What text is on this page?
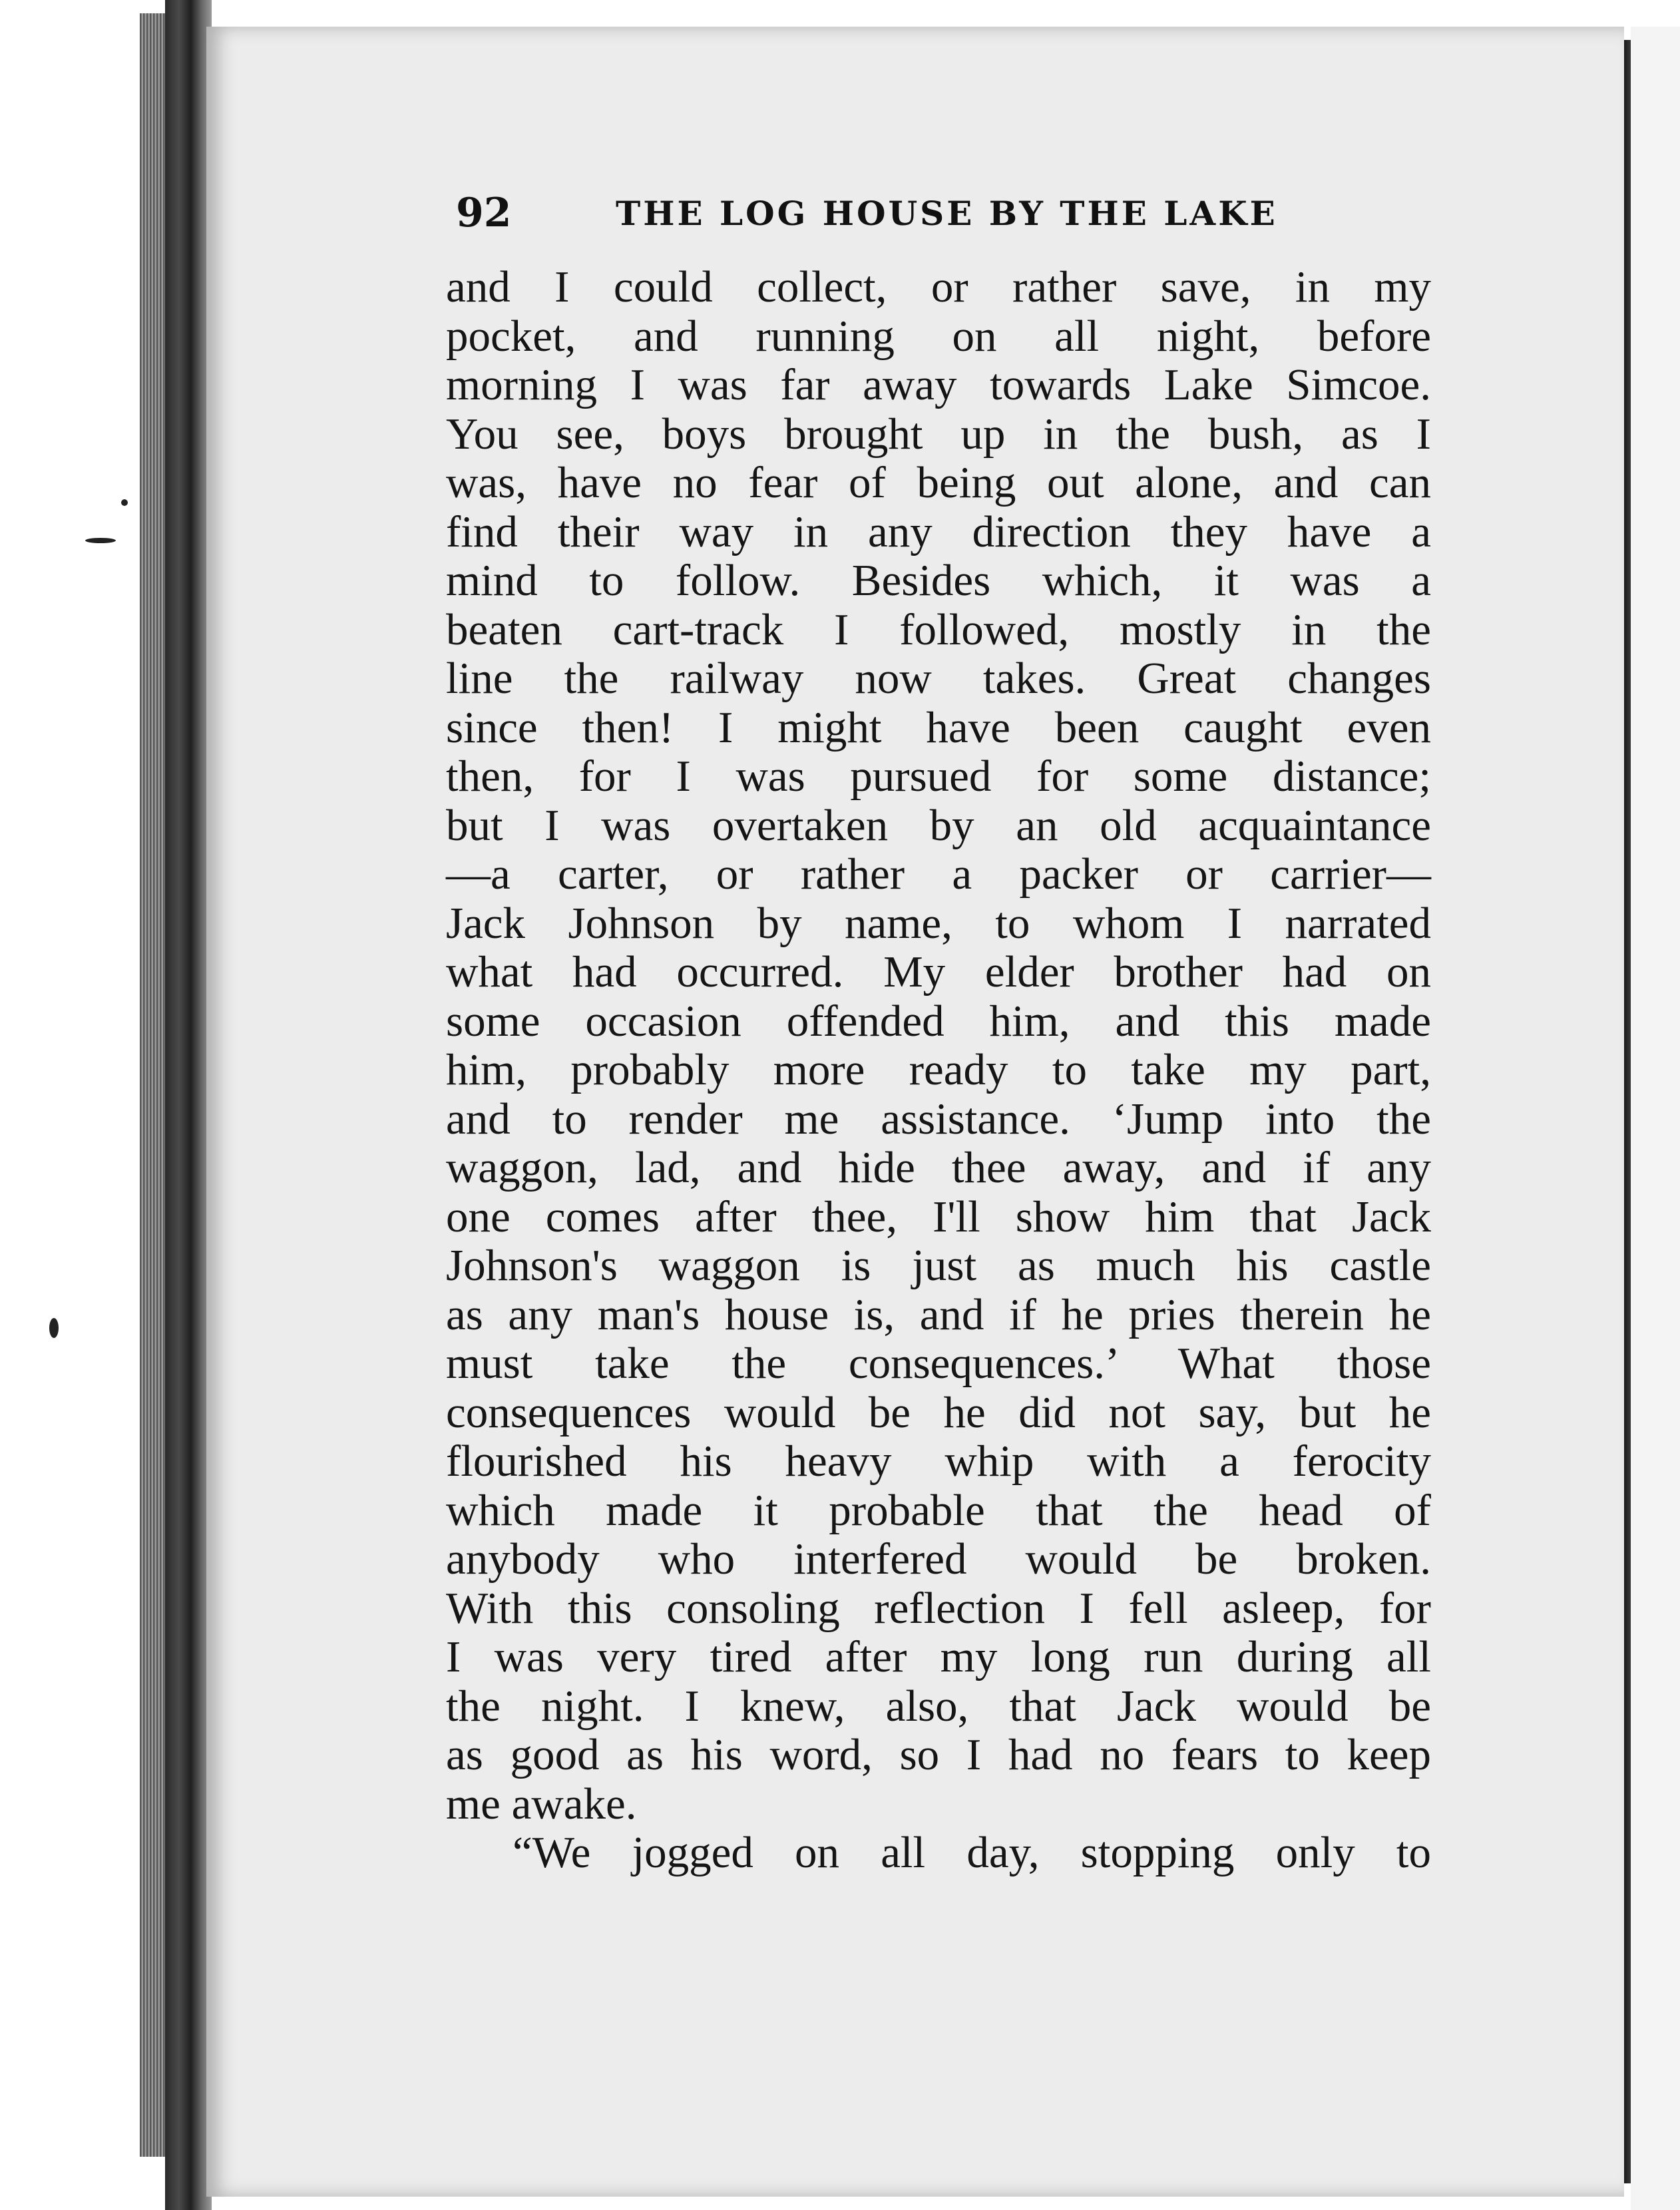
92	THE LOG HOUSE BY THE LAKE
and I could collect, or rather save, in my
pocket, and running on all night, before
morning I was far away towards Lake Simcoe.
You see, boys brought up in the bush, as I
was, have no fear of being out alone, and can
find their way in any direction they have a
mind to follow. Besides which, it was a
beaten cart-track I followed, mostly in the
line the railway now takes. Great changes
since then! I might have been caught even
then, for I was pursued for some distance;
but I was overtaken by an old acquaintance
—a carter, or rather a packer or carrier—
Jack Johnson by name, to whom I narrated
what had occurred. My elder brother had on
some occasion offended him, and this made
him, probably more ready to take my part,
and to render me assistance. ‘Jump into the
waggon, lad, and hide thee away, and if any
one comes after thee, I'll show him that Jack
Johnson's waggon is just as much his castle
as any man's house is, and if he pries therein he
must take the consequences.’ What those
consequences would be he did not say, but he
flourished his heavy whip with a ferocity
which made it probable that the head of
anybody who interfered would be broken.
With this consoling reflection I fell asleep, for
I was very tired after my long run during all
the night. I knew, also, that Jack would be
as good as his word, so I had no fears to keep
me awake.
“We jogged on all day, stopping only to
